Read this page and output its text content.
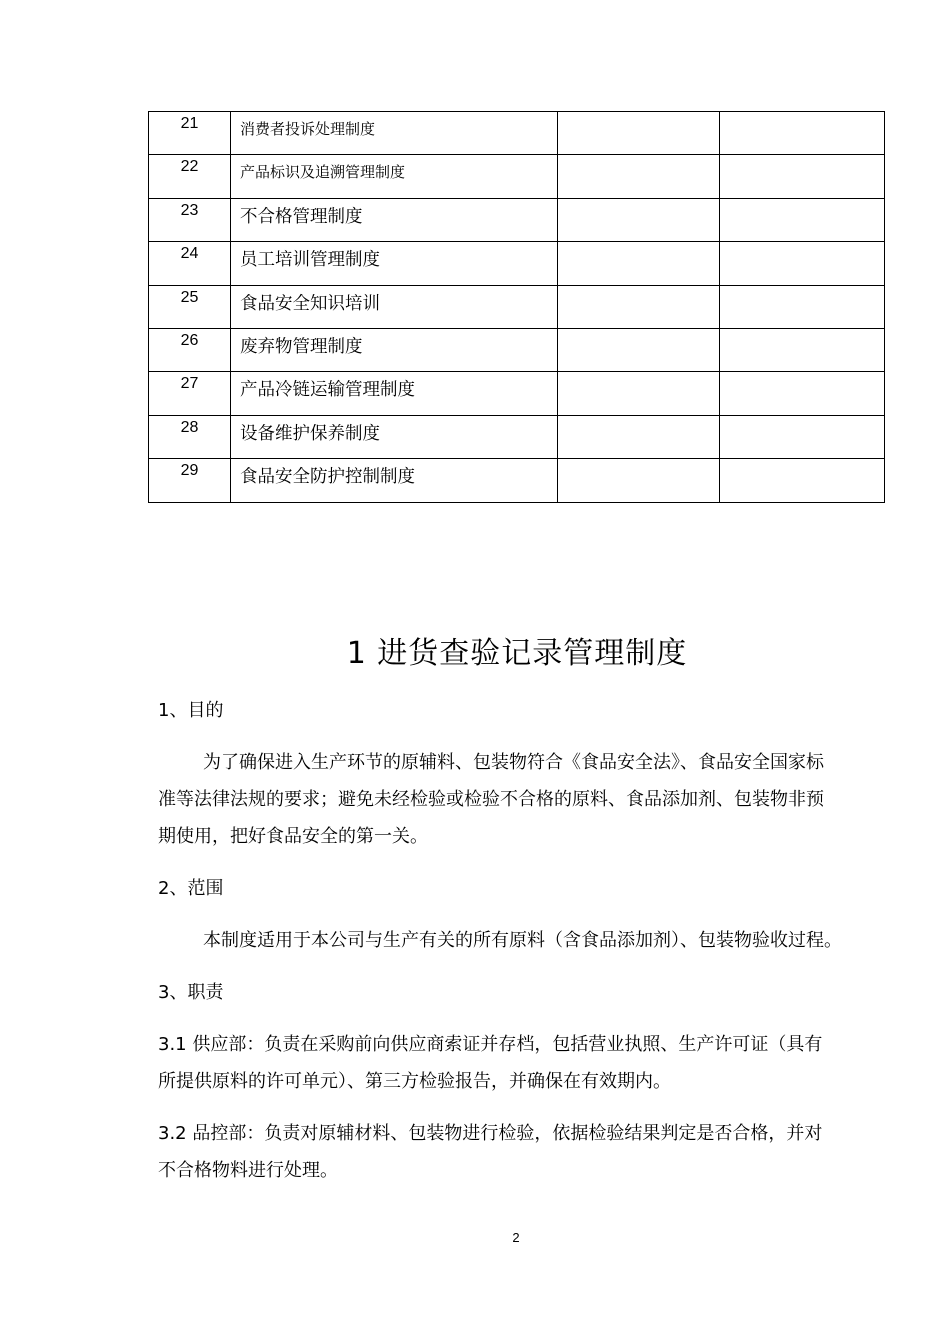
21	消费者投诉处理制度		
22	产品标识及追溯管理制度		
23	不合格管理制度		
24	员工培训管理制度		
25	食品安全知识培训		
26	废弃物管理制度		
27	产品冷链运输管理制度		
28	设备维护保养制度		
29	食品安全防护控制制度		
1 进货查验记录管理制度
1、目的
为了确保进入生产环节的原辅料、包装物符合《食品安全法》、食品安全国家标
准等法律法规的要求；避免未经检验或检验不合格的原料、食品添加剂、包装物非预
期使用，把好食品安全的第一关。
2、范围
本制度适用于本公司与生产有关的所有原料（含食品添加剂）、包装物验收过程。
3、职责
3.1 供应部：负责在采购前向供应商索证并存档，包括营业执照、生产许可证（具有
所提供原料的许可单元）、第三方检验报告，并确保在有效期内。
3.2 品控部：负责对原辅材料、包装物进行检验，依据检验结果判定是否合格，并对
不合格物料进行处理。
2
